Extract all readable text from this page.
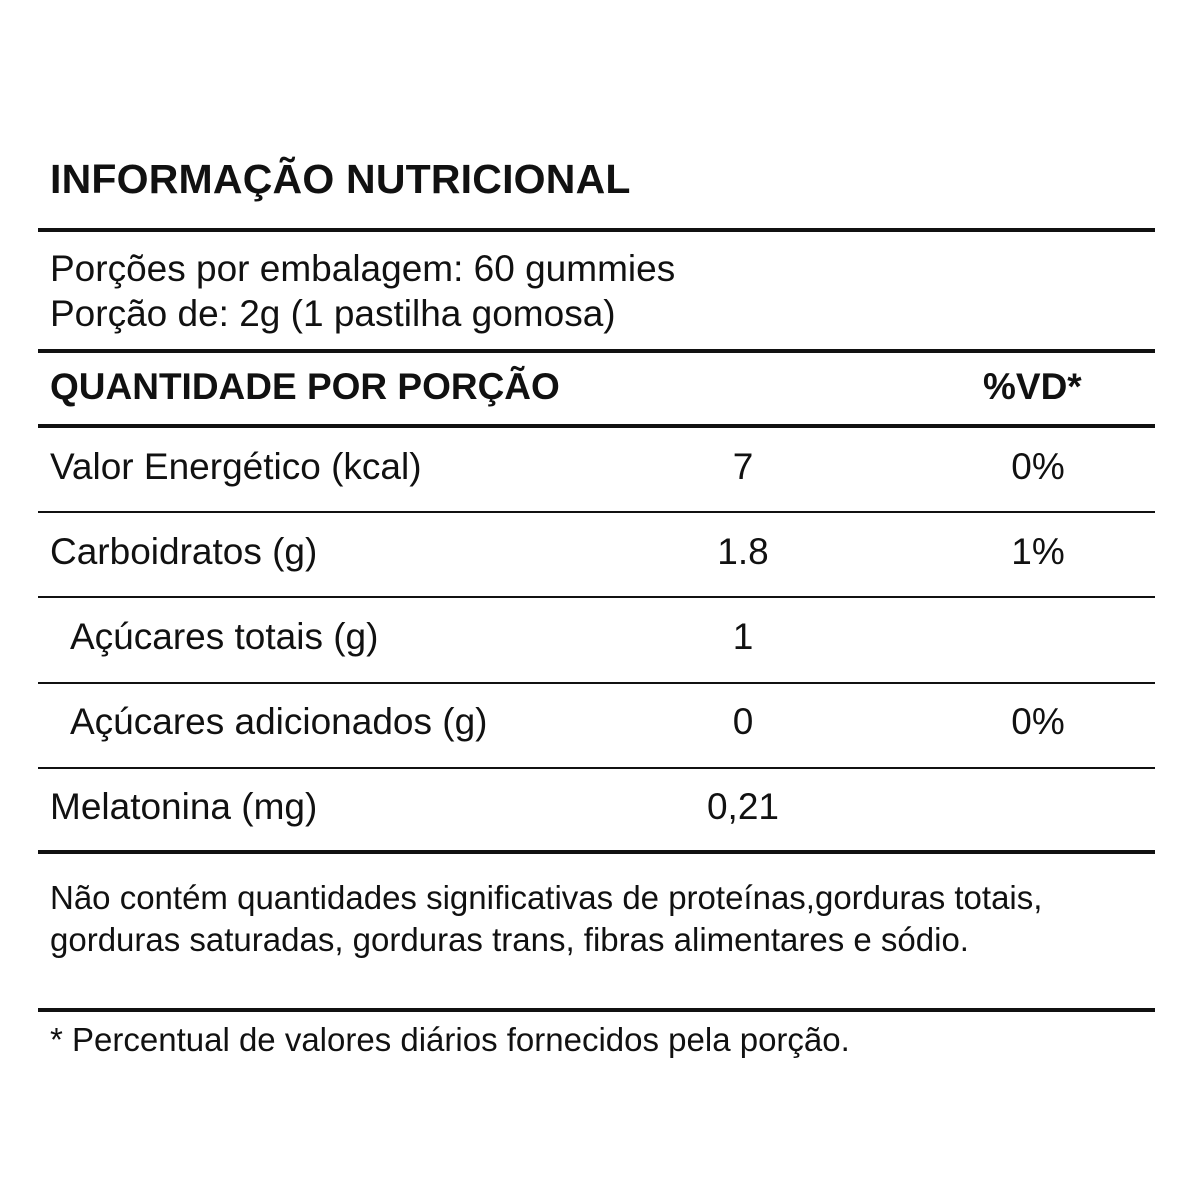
INFORMAÇÃO NUTRICIONAL
Porções por embalagem: 60 gummies
Porção de: 2g (1 pastilha gomosa)
QUANTIDADE POR PORÇÃO	%VD*
Valor Energético (kcal)	7	0%
Carboidratos (g)	1.8	1%
Açúcares totais (g)	1
Açúcares adicionados (g)	0	0%
Melatonina (mg)	0,21
Não contém quantidades significativas de proteínas,gorduras totais, gorduras saturadas, gorduras trans, fibras alimentares e sódio.
* Percentual de valores diários fornecidos pela porção.
